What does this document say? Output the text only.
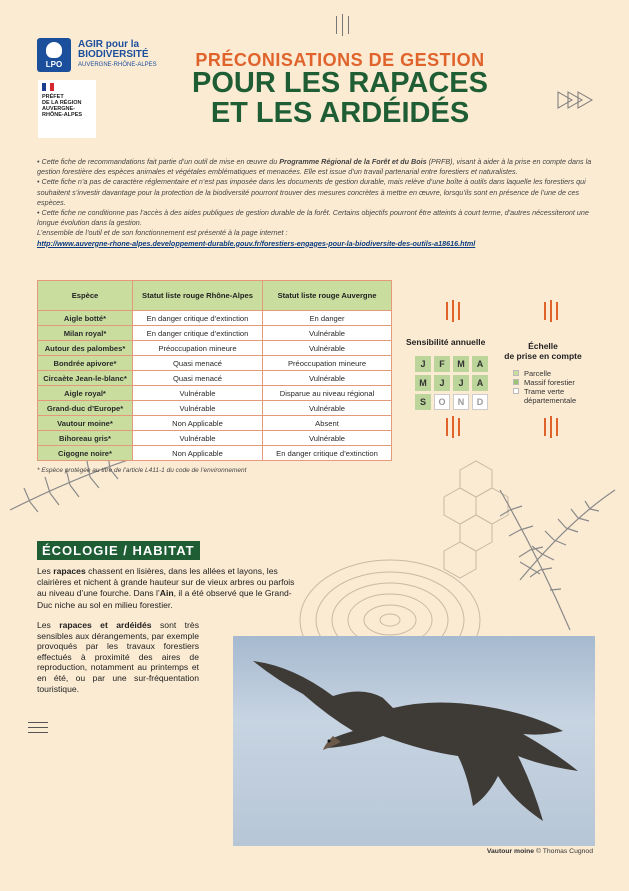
LPO
AGIR pour la
BIODIVERSITÉ
AUVERGNE-RHÔNE-ALPES
PRÉFET
DE LA RÉGION
AUVERGNE-
RHÔNE-ALPES
PRÉCONISATIONS DE GESTION
POUR LES RAPACES
ET LES ARDÉIDÉS

• Cette fiche de recommandations fait partie d’un outil de mise en œuvre du Programme Régional de la Forêt et du Bois (PRFB), visant à aider à la prise en compte dans la gestion forestière des espèces animales et végétales emblématiques et menacées. Elle est issue d’un travail partenarial entre forestiers et naturalistes.

• Cette fiche n’a pas de caractère réglementaire et n’est pas imposée dans les documents de gestion durable, mais relève d’une boîte à outils dans laquelle les forestiers qui souhaitent s’investir davantage pour la protection de la biodiversité pourront trouver des mesures concrètes à mettre en œuvre, lorsqu’ils sont en présence de l’une de ces espèces.

• Cette fiche ne conditionne pas l’accès à des aides publiques de gestion durable de la forêt. Certains objectifs pourront être atteints à court terme, d’autres nécessiteront une longue évolution dans la gestion.

L’ensemble de l’outil et de son fonctionnement est présenté à la page internet :

http://www.auvergne-rhone-alpes.developpement-durable.gouv.fr/forestiers-engages-pour-la-biodiversite-des-outils-a18616.html

Espèce	Statut liste rouge Rhône-Alpes	Statut liste rouge Auvergne
Aigle botté*	En danger critique d’extinction	En danger
Milan royal*	En danger critique d’extinction	Vulnérable
Autour des palombes*	Préoccupation mineure	Vulnérable
Bondrée apivore*	Quasi menacé	Préoccupation mineure
Circaète Jean-le-blanc*	Quasi menacé	Vulnérable
Aigle royal*	Vulnérable	Disparue au niveau régional
Grand-duc d’Europe*	Vulnérable	Vulnérable
Vautour moine*	Non Applicable	Absent
Bihoreau gris*	Vulnérable	Vulnérable
Cigogne noire*	Non Applicable	En danger critique d’extinction
* Espèce protégée au titre de l’article L411-1 du code de l’environnement
Sensibilité annuelle
J	F	M	A
M	J	J	A
S	O	N	D
Échelle
de prise en compte
Parcelle
Massif forestier
Trame verte départementale
ÉCOLOGIE / HABITAT
Les rapaces chassent en lisières, dans les allées et layons, les clairières et nichent à grande hauteur sur de vieux arbres ou parfois au niveau d’une fourche. Dans l’Ain, il a été observé que le Grand-Duc niche au sol en milieu forestier.
Les rapaces et ardéidés sont très sensibles aux dérangements, par exemple provoqués par les travaux forestiers effectués à proximité des aires de reproduction, notamment au printemps et en été, ou par une sur-fréquentation touristique.
Vautour moine © Thomas Cugnod
